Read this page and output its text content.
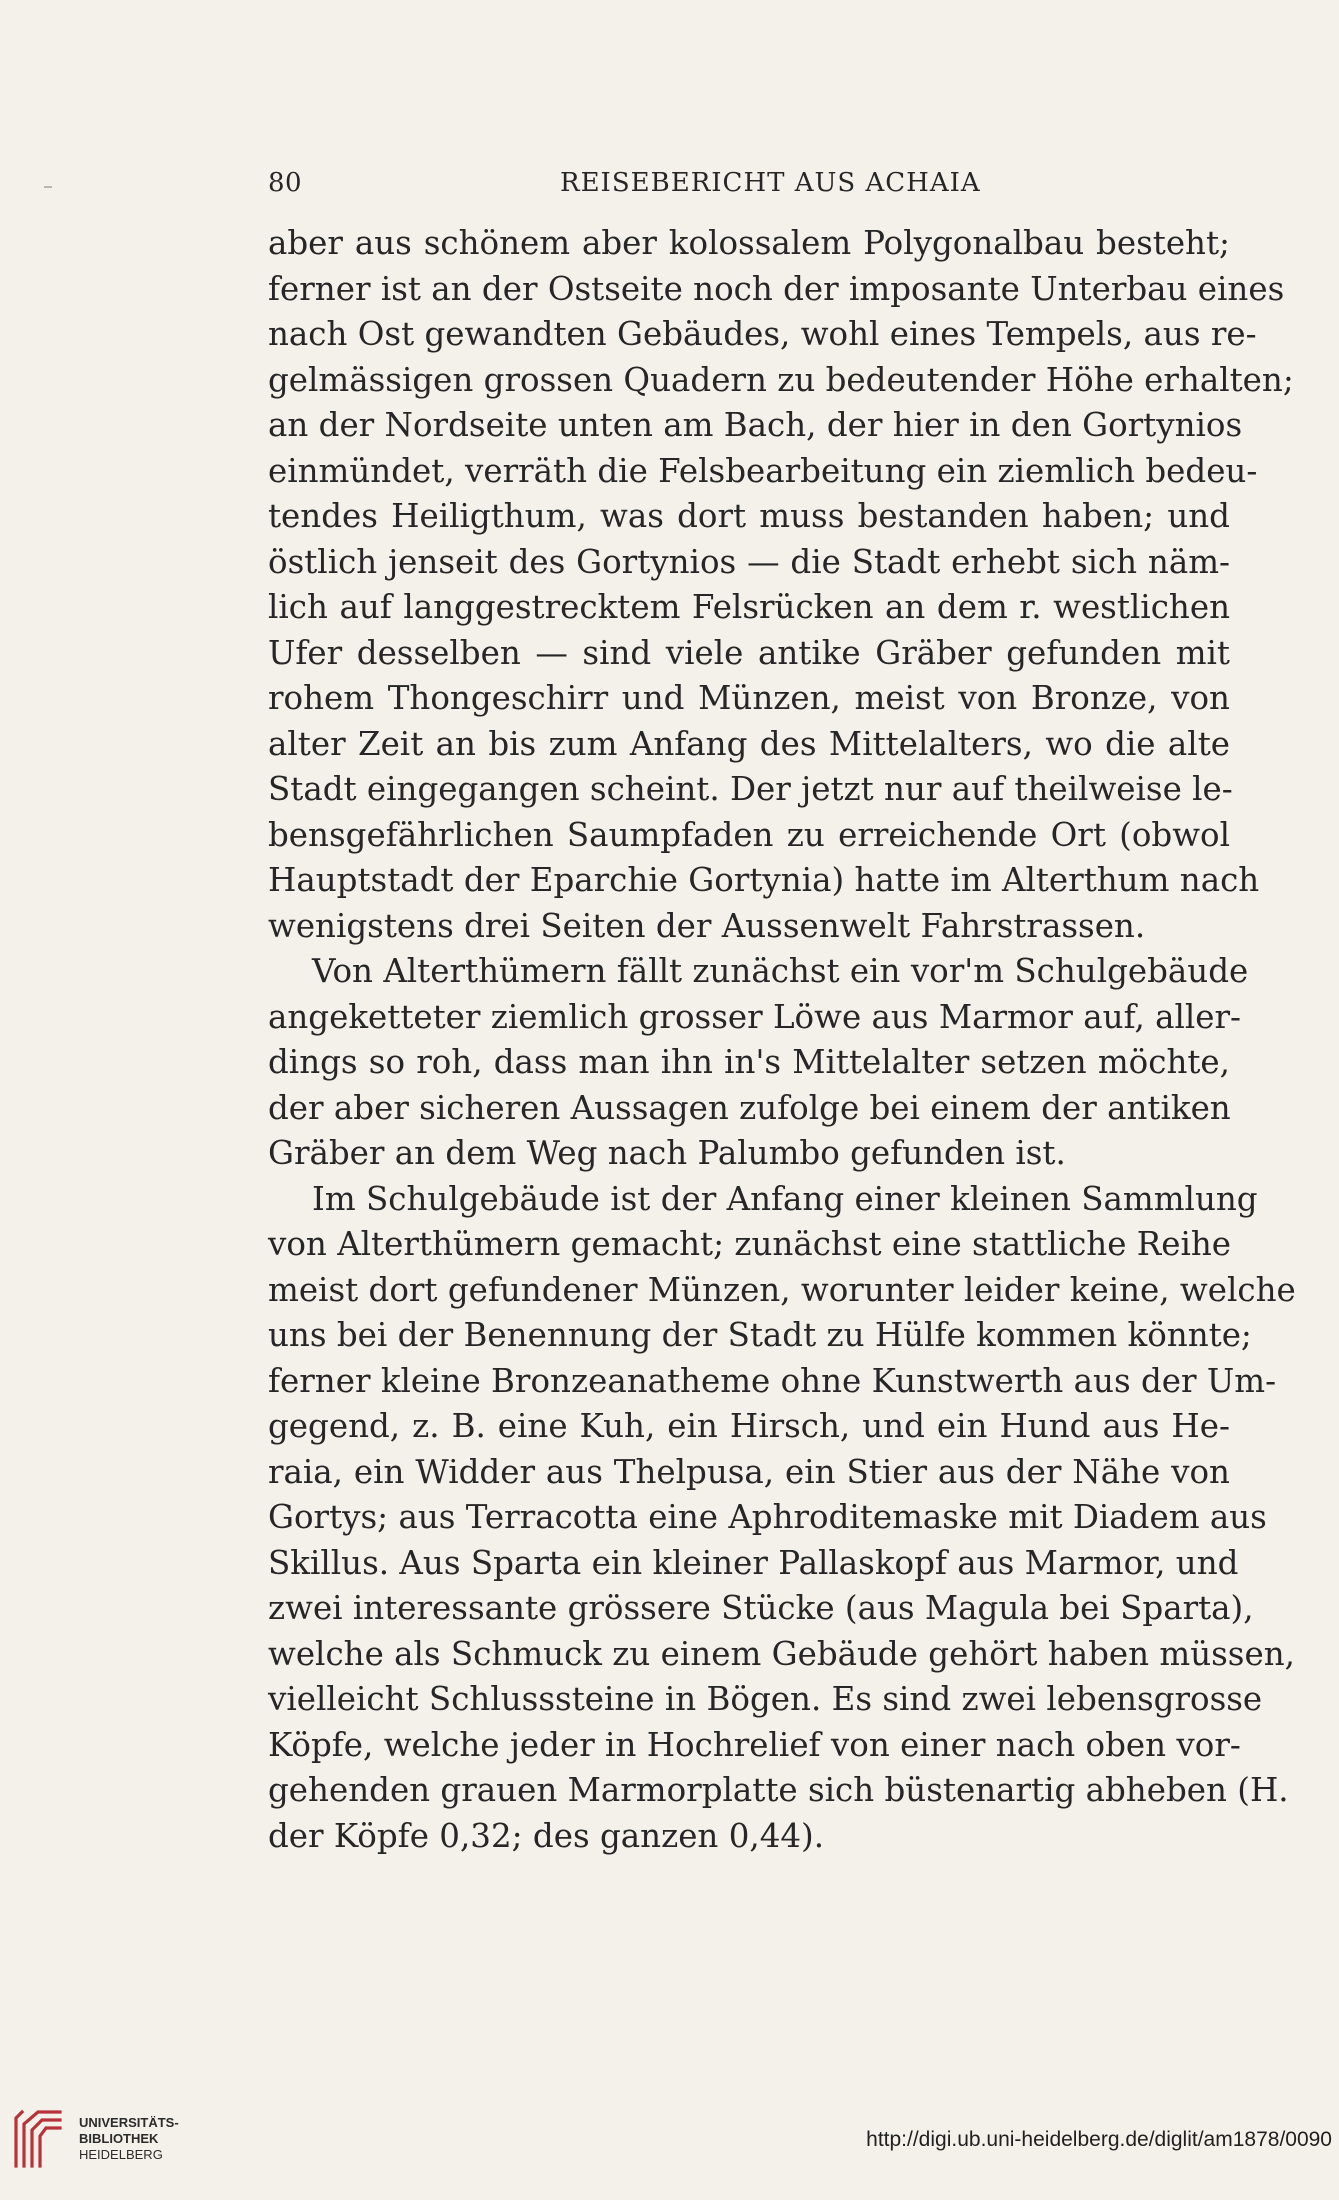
80	REISEBERICHT AUS ACHAIA
aber aus schönem aber kolossalem Polygonalbau besteht;
ferner ist an der Ostseite noch der imposante Unterbau eines
nach Ost gewandten Gebäudes, wohl eines Tempels, aus re-
gelmässigen grossen Quadern zu bedeutender Höhe erhalten;
an der Nordseite unten am Bach, der hier in den Gortynios
einmündet, verräth die Felsbearbeitung ein ziemlich bedeu-
tendes Heiligthum, was dort muss bestanden haben; und
östlich jenseit des Gortynios — die Stadt erhebt sich näm-
lich auf langgestrecktem Felsrücken an dem r. westlichen
Ufer desselben — sind viele antike Gräber gefunden mit
rohem Thongeschirr und Münzen, meist von Bronze, von
alter Zeit an bis zum Anfang des Mittelalters, wo die alte
Stadt eingegangen scheint. Der jetzt nur auf theilweise le-
bensgefährlichen Saumpfaden zu erreichende Ort (obwol
Hauptstadt der Eparchie Gortynia) hatte im Alterthum nach
wenigstens drei Seiten der Aussenwelt Fahrstrassen.
Von Alterthümern fällt zunächst ein vor'm Schulgebäude
angeketteter ziemlich grosser Löwe aus Marmor auf, aller-
dings so roh, dass man ihn in's Mittelalter setzen möchte,
der aber sicheren Aussagen zufolge bei einem der antiken
Gräber an dem Weg nach Palumbo gefunden ist.
Im Schulgebäude ist der Anfang einer kleinen Sammlung
von Alterthümern gemacht; zunächst eine stattliche Reihe
meist dort gefundener Münzen, worunter leider keine, welche
uns bei der Benennung der Stadt zu Hülfe kommen könnte;
ferner kleine Bronzeanatheme ohne Kunstwerth aus der Um-
gegend, z. B. eine Kuh, ein Hirsch, und ein Hund aus He-
raia, ein Widder aus Thelpusa, ein Stier aus der Nähe von
Gortys; aus Terracotta eine Aphroditemaske mit Diadem aus
Skillus. Aus Sparta ein kleiner Pallaskopf aus Marmor, und
zwei interessante grössere Stücke (aus Magula bei Sparta),
welche als Schmuck zu einem Gebäude gehört haben müssen,
vielleicht Schlusssteine in Bögen. Es sind zwei lebensgrosse
Köpfe, welche jeder in Hochrelief von einer nach oben vor-
gehenden grauen Marmorplatte sich büstenartig abheben (H.
der Köpfe 0,32; des ganzen 0,44).
UNIVERSITÄTS-
BIBLIOTHEK
HEIDELBERG
http://digi.ub.uni-heidelberg.de/diglit/am1878/0090
